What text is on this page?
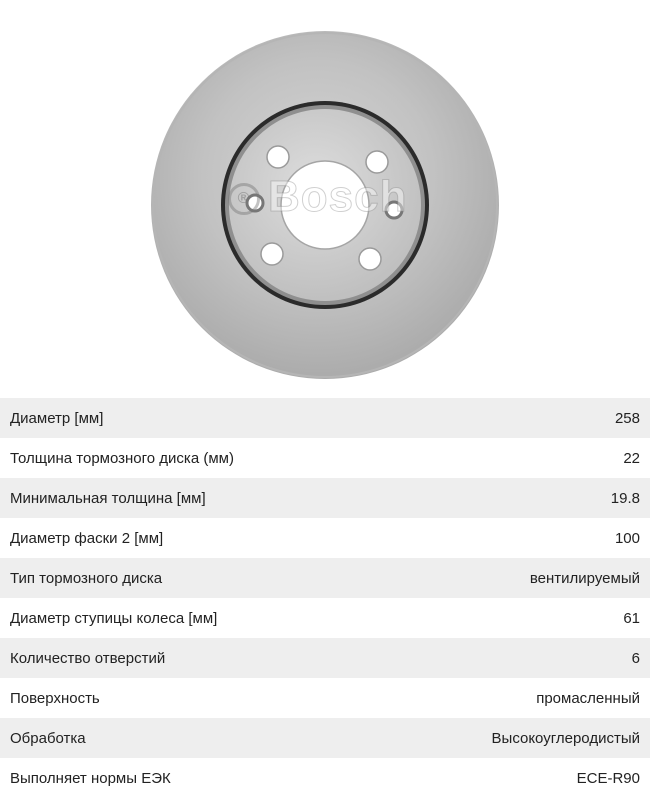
® Bosch
Диаметр [мм]	258
Толщина тормозного диска (мм)	22
Минимальная толщина [мм]	19.8
Диаметр фаски 2 [мм]	100
Тип тормозного диска	вентилируемый
Диаметр ступицы колеса [мм]	61
Количество отверстий	6
Поверхность	промасленный
Обработка	Высокоуглеродистый
Выполняет нормы ЕЭК	ECE-R90
